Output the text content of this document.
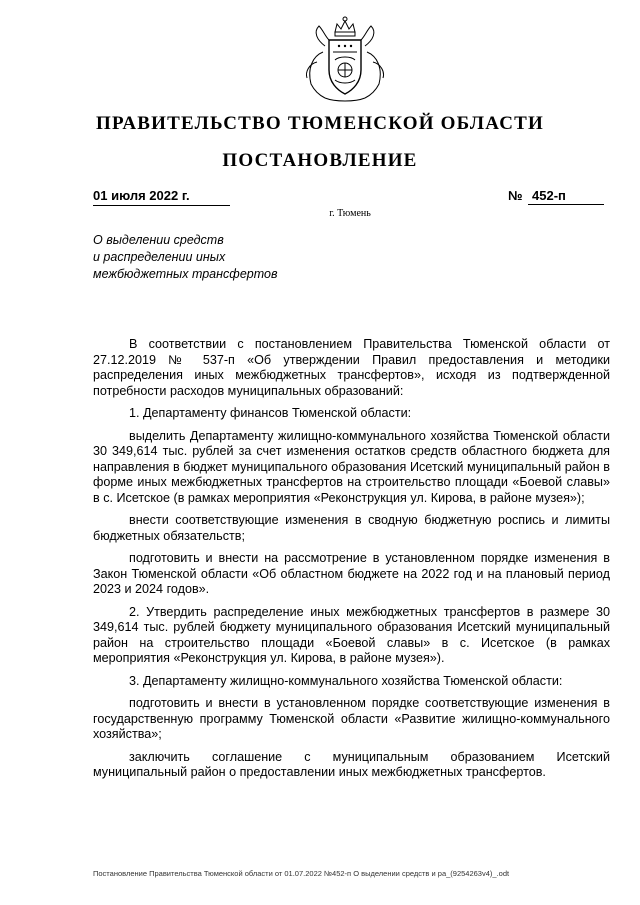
ПРАВИТЕЛЬСТВО ТЮМЕНСКОЙ ОБЛАСТИ
ПОСТАНОВЛЕНИЕ
01 июля 2022 г.	№ 452-п
г. Тюмень
О выделении средств
и распределении иных
межбюджетных трансфертов

В соответствии с постановлением Правительства Тюменской области от 27.12.2019 № 537-п «Об утверждении Правил предоставления и методики распределения иных межбюджетных трансфертов», исходя из подтвержденной потребности расходов муниципальных образований:

1. Департаменту финансов Тюменской области:

выделить Департаменту жилищно-коммунального хозяйства Тюменской области 30 349,614 тыс. рублей за счет изменения остатков средств областного бюджета для направления в бюджет муниципального образования Исетский муниципальный район в форме иных межбюджетных трансфертов на строительство площади «Боевой славы» в с. Исетское (в рамках мероприятия «Реконструкция ул. Кирова, в районе музея»);

внести соответствующие изменения в сводную бюджетную роспись и лимиты бюджетных обязательств;

подготовить и внести на рассмотрение в установленном порядке изменения в Закон Тюменской области «Об областном бюджете на 2022 год и на плановый период 2023 и 2024 годов».

2. Утвердить распределение иных межбюджетных трансфертов в размере 30 349,614 тыс. рублей бюджету муниципального образования Исетский муниципальный район на строительство площади «Боевой славы» в с. Исетское (в рамках мероприятия «Реконструкция ул. Кирова, в районе музея»).

3. Департаменту жилищно-коммунального хозяйства Тюменской области:

подготовить и внести в установленном порядке соответствующие изменения в государственную программу Тюменской области «Развитие жилищно-коммунального хозяйства»;

заключить соглашение с муниципальным образованием Исетский муниципальный район о предоставлении иных межбюджетных трансфертов.

Постановление Правительства Тюменской области от 01.07.2022 №452-п О выделении средств и ра_(9254263v4)_.odt
